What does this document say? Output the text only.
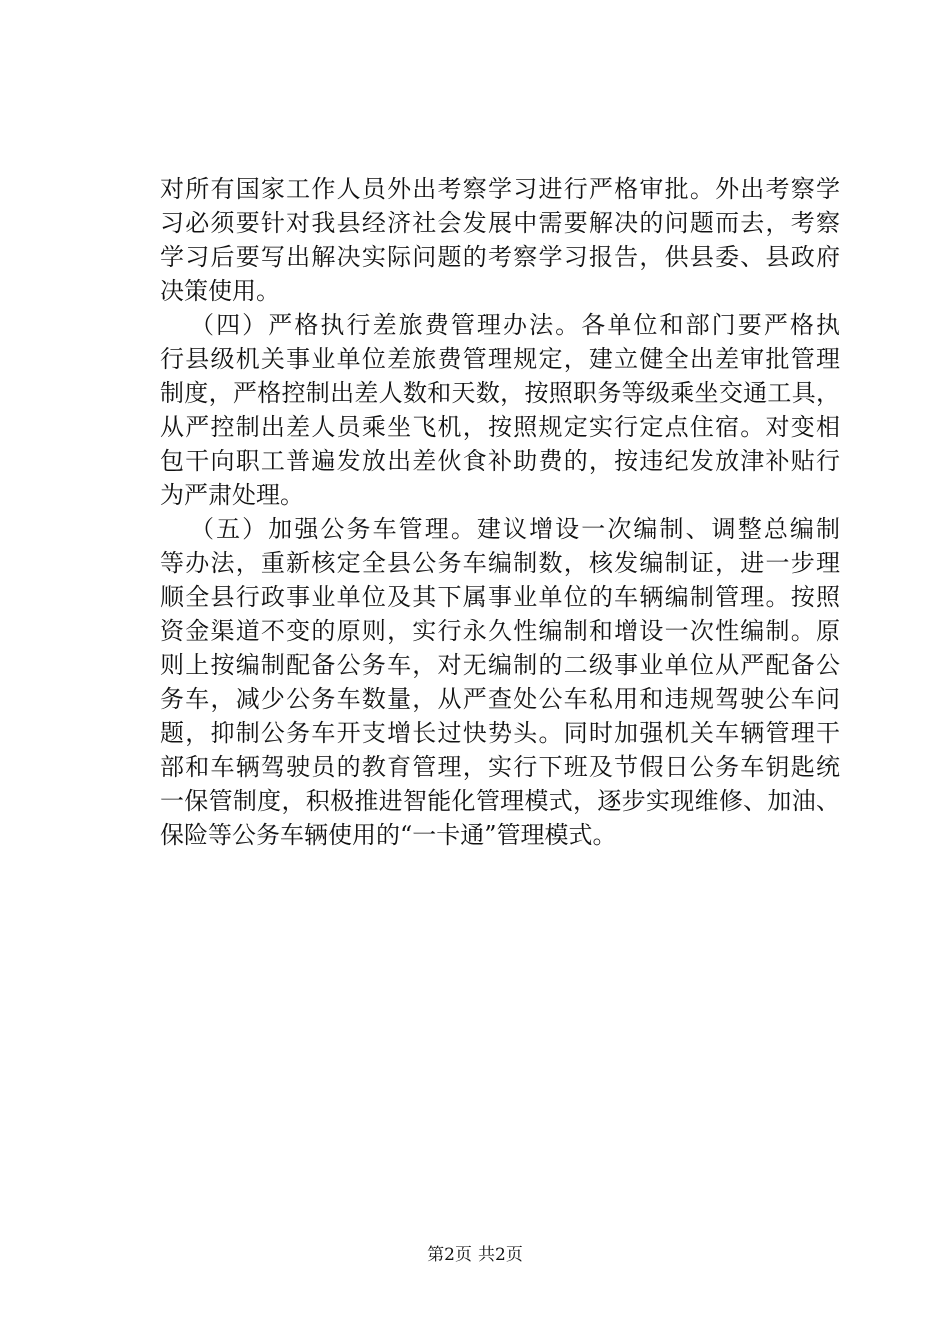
对所有国家工作人员外出考察学习进行严格审批。外出考察学
习必须要针对我县经济社会发展中需要解决的问题而去，考察
学习后要写出解决实际问题的考察学习报告，供县委、县政府
决策使用。
（四）严格执行差旅费管理办法。各单位和部门要严格执
行县级机关事业单位差旅费管理规定，建立健全出差审批管理
制度，严格控制出差人数和天数，按照职务等级乘坐交通工具，
从严控制出差人员乘坐飞机，按照规定实行定点住宿。对变相
包干向职工普遍发放出差伙食补助费的，按违纪发放津补贴行
为严肃处理。
（五）加强公务车管理。建议增设一次编制、调整总编制
等办法，重新核定全县公务车编制数，核发编制证，进一步理
顺全县行政事业单位及其下属事业单位的车辆编制管理。按照
资金渠道不变的原则，实行永久性编制和增设一次性编制。原
则上按编制配备公务车，对无编制的二级事业单位从严配备公
务车，减少公务车数量，从严查处公车私用和违规驾驶公车问
题，抑制公务车开支增长过快势头。同时加强机关车辆管理干
部和车辆驾驶员的教育管理，实行下班及节假日公务车钥匙统
一保管制度，积极推进智能化管理模式，逐步实现维修、加油、
保险等公务车辆使用的“一卡通”管理模式。
第2页 共2页
